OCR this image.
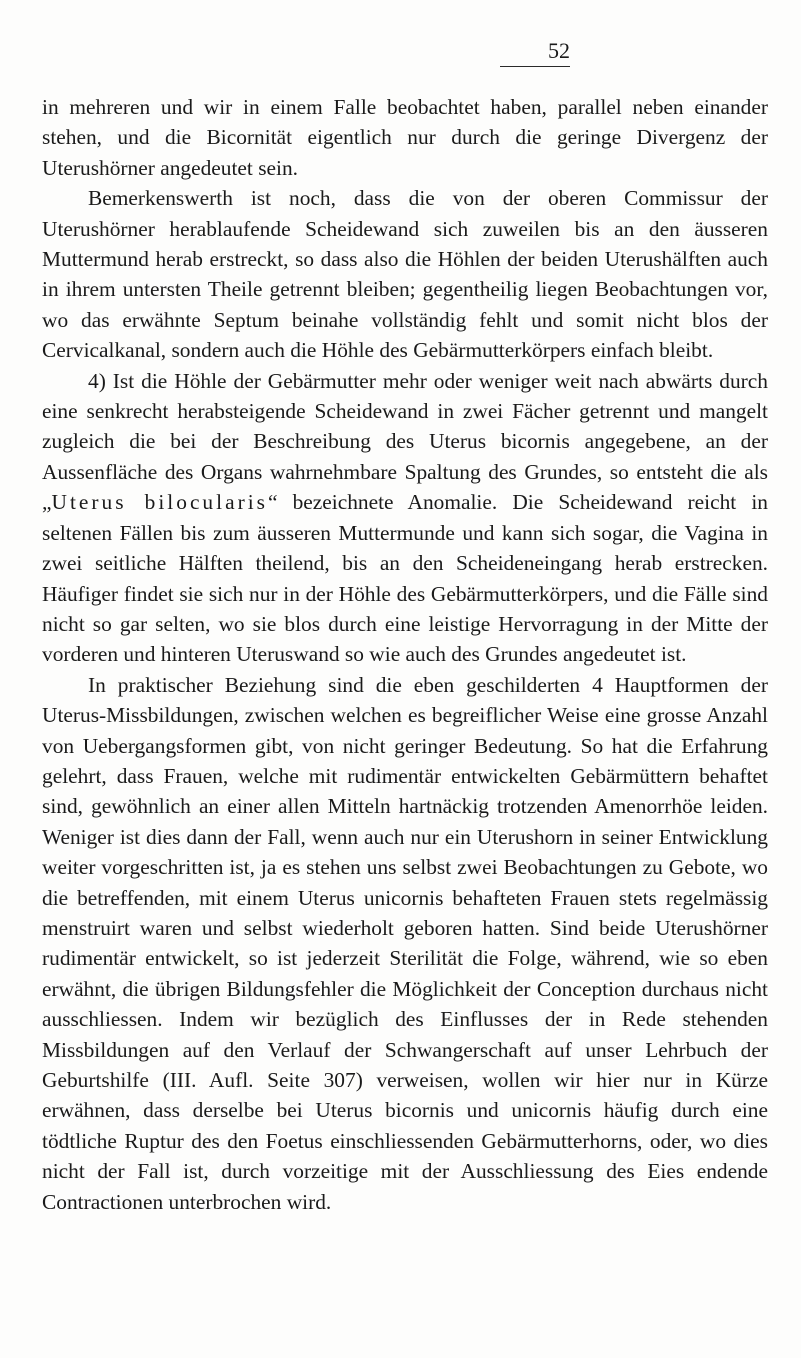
52

in mehreren und wir in einem Falle beobachtet haben, parallel neben einander stehen, und die Bicornität eigentlich nur durch die geringe Divergenz der Uterushörner angedeutet sein.

Bemerkenswerth ist noch, dass die von der oberen Commissur der Uterushörner herablaufende Scheidewand sich zuweilen bis an den äusseren Muttermund herab erstreckt, so dass also die Höhlen der beiden Uterushälften auch in ihrem untersten Theile getrennt bleiben; gegentheilig liegen Beobachtungen vor, wo das erwähnte Septum beinahe vollständig fehlt und somit nicht blos der Cervicalkanal, sondern auch die Höhle des Gebärmutterkörpers einfach bleibt.

4) Ist die Höhle der Gebärmutter mehr oder weniger weit nach abwärts durch eine senkrecht herabsteigende Scheidewand in zwei Fächer getrennt und mangelt zugleich die bei der Beschreibung des Uterus bicornis angegebene, an der Aussenfläche des Organs wahrnehmbare Spaltung des Grundes, so entsteht die als „Uterus bilocularis“ bezeichnete Anomalie. Die Scheidewand reicht in seltenen Fällen bis zum äusseren Muttermunde und kann sich sogar, die Vagina in zwei seitliche Hälften theilend, bis an den Scheideneingang herab erstrecken. Häufiger findet sie sich nur in der Höhle des Gebärmutterkörpers, und die Fälle sind nicht so gar selten, wo sie blos durch eine leistige Hervorragung in der Mitte der vorderen und hinteren Uteruswand so wie auch des Grundes angedeutet ist.

In praktischer Beziehung sind die eben geschilderten 4 Hauptformen der Uterus-Missbildungen, zwischen welchen es begreiflicher Weise eine grosse Anzahl von Uebergangsformen gibt, von nicht geringer Bedeutung. So hat die Erfahrung gelehrt, dass Frauen, welche mit rudimentär entwickelten Gebärmüttern behaftet sind, gewöhnlich an einer allen Mitteln hartnäckig trotzenden Amenorrhöe leiden. Weniger ist dies dann der Fall, wenn auch nur ein Uterushorn in seiner Entwicklung weiter vorgeschritten ist, ja es stehen uns selbst zwei Beobachtungen zu Gebote, wo die betreffenden, mit einem Uterus unicornis behafteten Frauen stets regelmässig menstruirt waren und selbst wiederholt geboren hatten. Sind beide Uterushörner rudimentär entwickelt, so ist jederzeit Sterilität die Folge, während, wie so eben erwähnt, die übrigen Bildungsfehler die Möglichkeit der Conception durchaus nicht ausschliessen. Indem wir bezüglich des Einflusses der in Rede stehenden Missbildungen auf den Verlauf der Schwangerschaft auf unser Lehrbuch der Geburtshilfe (III. Aufl. Seite 307) verweisen, wollen wir hier nur in Kürze erwähnen, dass derselbe bei Uterus bicornis und unicornis häufig durch eine tödtliche Ruptur des den Foetus einschliessenden Gebärmutterhorns, oder, wo dies nicht der Fall ist, durch vorzeitige mit der Ausschliessung des Eies endende Contractionen unterbrochen wird.
